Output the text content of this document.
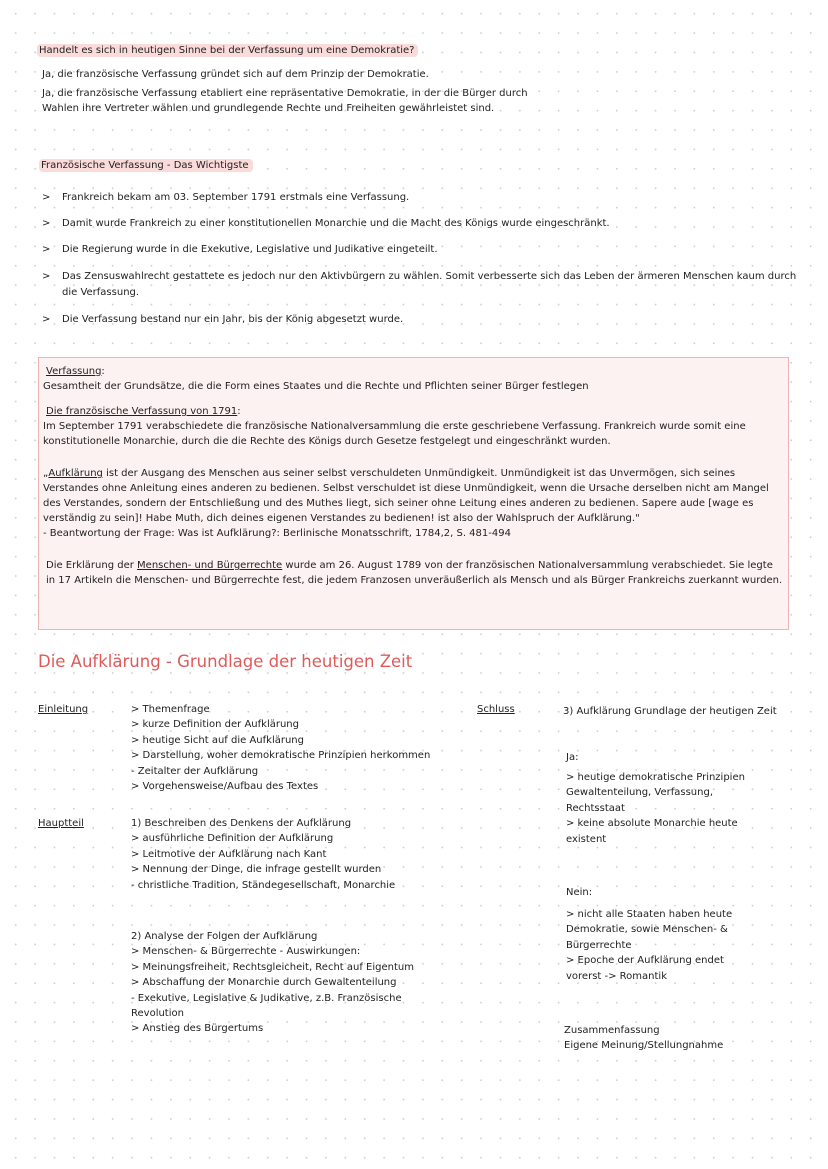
Handelt es sich in heutigen Sinne bei der Verfassung um eine Demokratie?
Ja, die französische Verfassung gründet sich auf dem Prinzip der Demokratie.
Ja, die französische Verfassung etabliert eine repräsentative Demokratie, in der die Bürger durch
Wahlen ihre Vertreter wählen und grundlegende Rechte und Freiheiten gewährleistet sind.
Französische Verfassung - Das Wichtigste
> Frankreich bekam am 03. September 1791 erstmals eine Verfassung.
> Damit wurde Frankreich zu einer konstitutionellen Monarchie und die Macht des Königs wurde eingeschränkt.
> Die Regierung wurde in die Exekutive, Legislative und Judikative eingeteilt.
> Das Zensuswahlrecht gestattete es jedoch nur den Aktivbürgern zu wählen. Somit verbesserte sich das Leben der ärmeren Menschen kaum durch die Verfassung.
> Die Verfassung bestand nur ein Jahr, bis der König abgesetzt wurde.

Verfassung:

Gesamtheit der Grundsätze, die die Form eines Staates und die Rechte und Pflichten seiner Bürger festlegen

Die französische Verfassung von 1791:

Im September 1791 verabschiedete die französische Nationalversammlung die erste geschriebene Verfassung. Frankreich wurde somit eine konstitutionelle Monarchie, durch die die Rechte des Königs durch Gesetze festgelegt und eingeschränkt wurden.

„Aufklärung ist der Ausgang des Menschen aus seiner selbst verschuldeten Unmündigkeit. Unmündigkeit ist das Unvermögen, sich seines Verstandes ohne Anleitung eines anderen zu bedienen. Selbst verschuldet ist diese Unmündigkeit, wenn die Ursache derselben nicht am Mangel des Verstandes, sondern der Entschließung und des Muthes liegt, sich seiner ohne Leitung eines anderen zu bedienen. Sapere aude [wage es verständig zu sein]! Habe Muth, dich deines eigenen Verstandes zu bedienen! ist also der Wahlspruch der Aufklärung."

- Beantwortung der Frage: Was ist Aufklärung?: Berlinische Monatsschrift, 1784,2, S. 481-494

Die Erklärung der Menschen- und Bürgerrechte wurde am 26. August 1789 von der französischen Nationalversammlung verabschiedet. Sie legte in 17 Artikeln die Menschen- und Bürgerrechte fest, die jedem Franzosen unveräußerlich als Mensch und als Bürger Frankreichs zuerkannt wurden.

Die Aufklärung - Grundlage der heutigen Zeit
Einleitung	> Themenfrage
> kurze Definition der Aufklärung
> heutige Sicht auf die Aufklärung
> Darstellung, woher demokratische Prinzipien herkommen
- Zeitalter der Aufklärung
> Vorgehensweise/Aufbau des Textes
Hauptteil	1) Beschreiben des Denkens der Aufklärung
> ausführliche Definition der Aufklärung
> Leitmotive der Aufklärung nach Kant
> Nennung der Dinge, die infrage gestellt wurden
- christliche Tradition, Ständegesellschaft, Monarchie
2) Analyse der Folgen der Aufklärung
> Menschen- & Bürgerrechte - Auswirkungen:
> Meinungsfreiheit, Rechtsgleicheit, Recht auf Eigentum
> Abschaffung der Monarchie durch Gewaltenteilung
- Exekutive, Legislative & Judikative, z.B. Französische
Revolution
> Anstieg des Bürgertums
Schluss	3) Aufklärung Grundlage der heutigen Zeit
Ja:
> heutige demokratische Prinzipien
Gewaltenteilung, Verfassung,
Rechtsstaat
> keine absolute Monarchie heute
existent
Nein:
> nicht alle Staaten haben heute
Demokratie, sowie Menschen- &
Bürgerrechte
> Epoche der Aufklärung endet
vorerst -> Romantik
Zusammenfassung
Eigene Meinung/Stellungnahme
